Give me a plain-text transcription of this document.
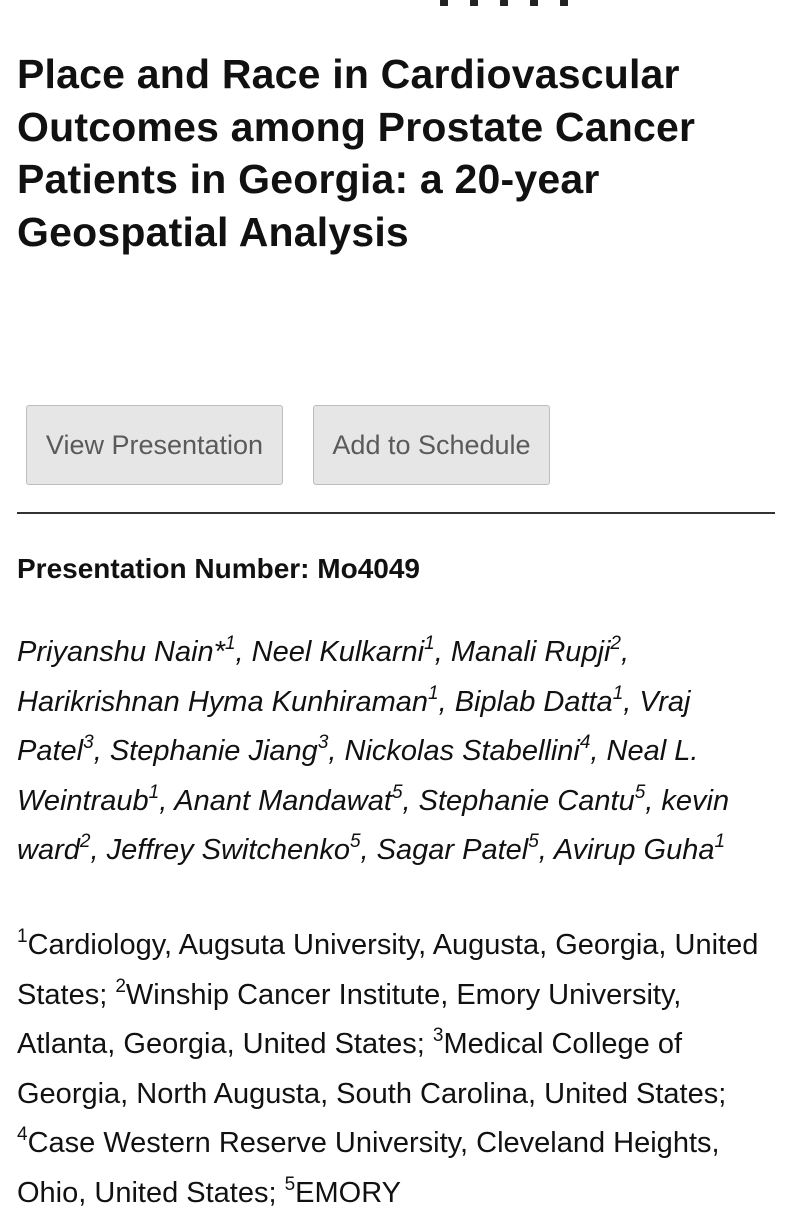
Place and Race in Cardiovascular Outcomes among Prostate Cancer Patients in Georgia: a 20-year Geospatial Analysis
View Presentation	Add to Schedule

Presentation Number: Mo4049

Priyanshu Nain*$^1$, Neel Kulkarni$^1$, Manali Rupji$^2$, Harikrishnan Hyma Kunhiraman$^1$, Biplab Datta$^1$, Vraj Patel$^3$, Stephanie Jiang$^3$, Nickolas Stabellini$^4$, Neal L. Weintraub$^1$, Anant Mandawat$^5$, Stephanie Cantu$^5$, kevin ward$^2$, Jeffrey Switchenko$^5$, Sagar Patel$^5$, Avirup Guha$^1$

$^1$Cardiology, Augsuta University, Augusta, Georgia, United States; $^2$Winship Cancer Institute, Emory University, Atlanta, Georgia, United States; $^3$Medical College of Georgia, North Augusta, South Carolina, United States; $^4$Case Western Reserve University, Cleveland Heights, Ohio, United States; $^5$EMORY
